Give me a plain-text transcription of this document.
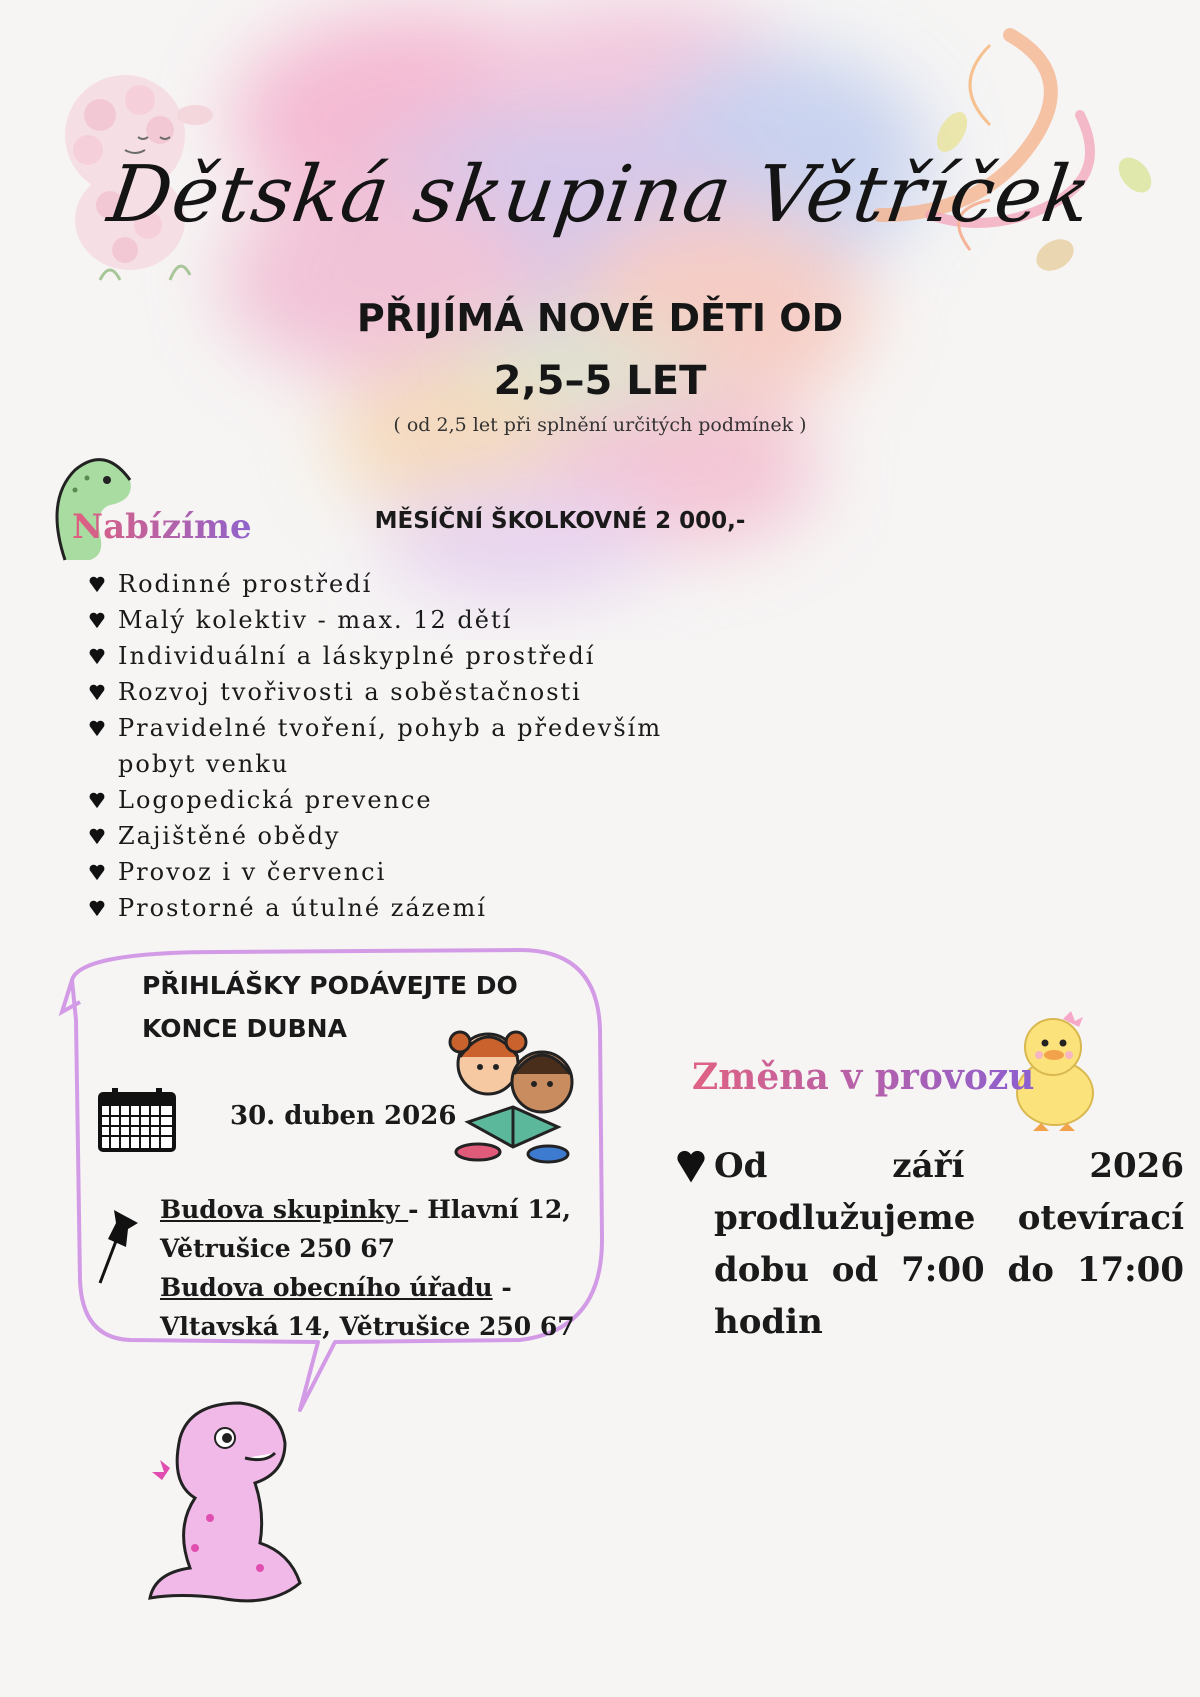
Dětská skupina Větříček
PŘIJÍMÁ NOVÉ DĚTI OD
2,5–5 LET
( od 2,5 let při splnění určitých podmínek )
Nabízíme	MĚSÍČNÍ ŠKOLKOVNÉ 2 000,-
Rodinné prostředí
Malý kolektiv - max. 12 dětí
Individuální a láskyplné prostředí
Rozvoj tvořivosti a soběstačnosti
Pravidelné tvoření, pohyb a především pobyt venku
Logopedická prevence
Zajištěné obědy
Provoz i v červenci
Prostorné a útulné zázemí
PŘIHLÁŠKY PODÁVEJTE DO
KONCE DUBNA
30. duben 2026
Budova skupinky - Hlavní 12, Větrušice 250 67
Budova obecního úřadu - Vltavská 14, Větrušice 250 67
Změna v provozu
Od září 2026 prodlužujeme otevírací dobu od 7:00 do 17:00 hodin
